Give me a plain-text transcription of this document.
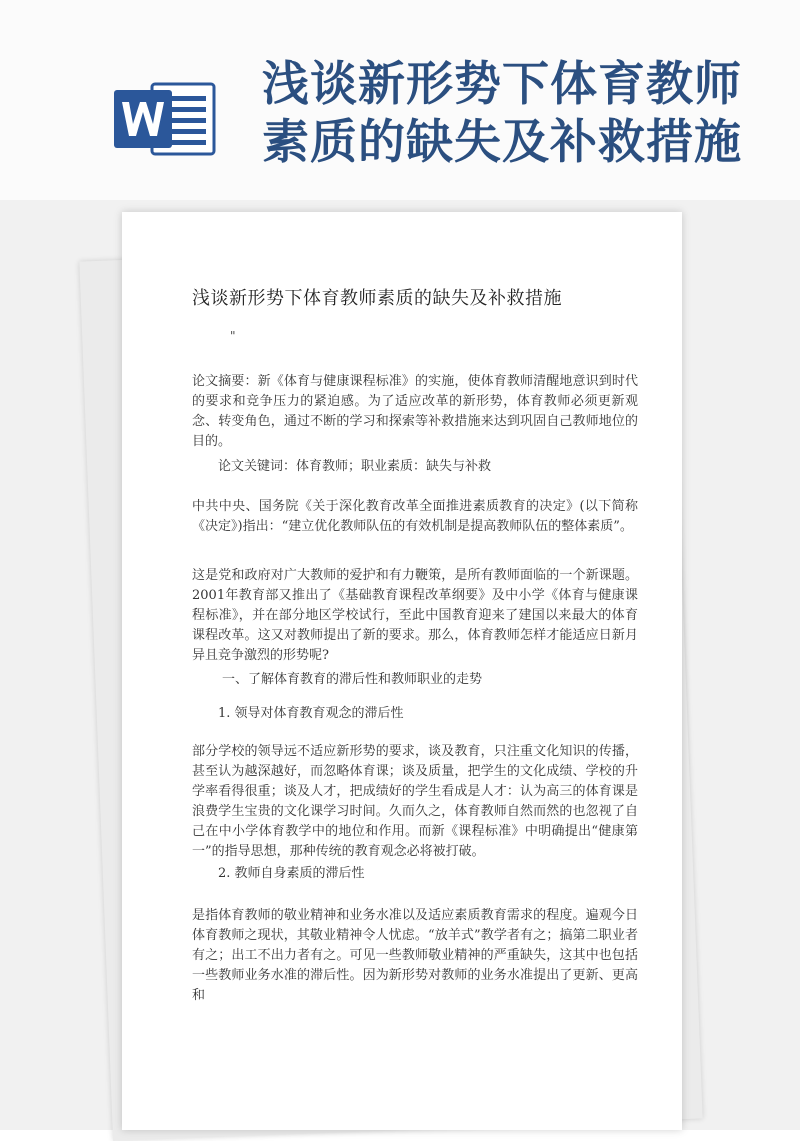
浅谈新形势下体育教师
素质的缺失及补救措施
浅谈新形势下体育教师素质的缺失及补救措施
"
论文摘要：新《体育与健康课程标准》的实施，使体育教师清醒地意识到时代的要求和竞争压力的紧迫感。为了适应改革的新形势，体育教师必须更新观念、转变角色，通过不断的学习和探索等补救措施来达到巩固自己教师地位的目的。
论文关键词：体育教师；职业素质：缺失与补救
中共中央、国务院《关于深化教育改革全面推进素质教育的决定》(以下简称《决定》)指出：“建立优化教师队伍的有效机制是提高教师队伍的整体素质”。
这是党和政府对广大教师的爱护和有力鞭策，是所有教师面临的一个新课题。2001年教育部又推出了《基础教育课程改革纲要》及中小学《体育与健康课程标准》，并在部分地区学校试行，至此中国教育迎来了建国以来最大的体育课程改革。这又对教师提出了新的要求。那么，体育教师怎样才能适应日新月异且竞争激烈的形势呢?
一、了解体育教育的滞后性和教师职业的走势
1. 领导对体育教育观念的滞后性
部分学校的领导远不适应新形势的要求，谈及教育，只注重文化知识的传播，甚至认为越深越好，而忽略体育课；谈及质量，把学生的文化成绩、学校的升学率看得很重；谈及人才，把成绩好的学生看成是人才：认为高三的体育课是浪费学生宝贵的文化课学习时间。久而久之，体育教师自然而然的也忽视了自己在中小学体育教学中的地位和作用。而新《课程标准》中明确提出“健康第一”的指导思想，那种传统的教育观念必将被打破。
2. 教师自身素质的滞后性
是指体育教师的敬业精神和业务水准以及适应素质教育需求的程度。遍观今日体育教师之现状，其敬业精神令人忧虑。“放羊式”教学者有之；搞第二职业者有之；出工不出力者有之。可见一些教师敬业精神的严重缺失，这其中也包括一些教师业务水准的滞后性。因为新形势对教师的业务水准提出了更新、更高和
